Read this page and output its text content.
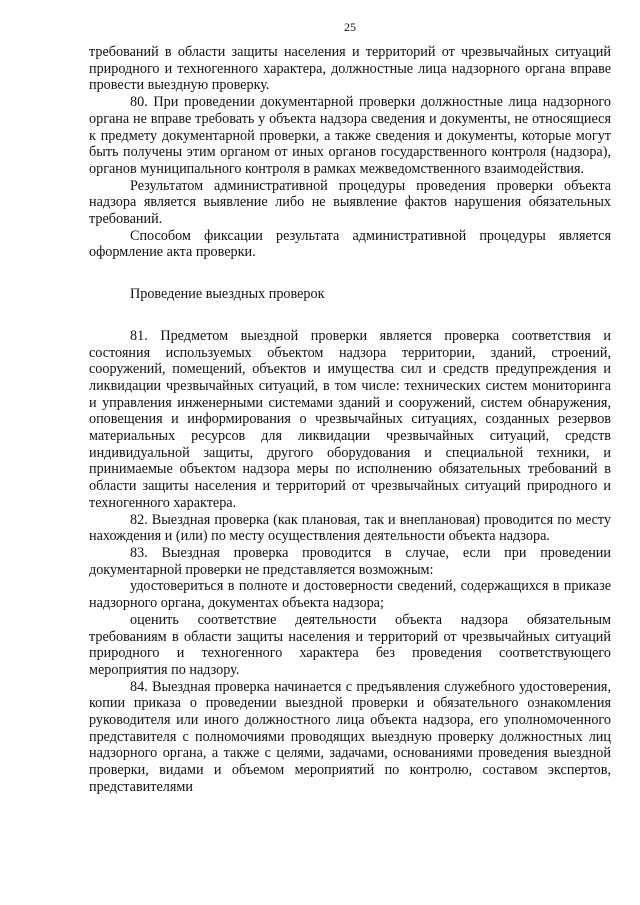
25

требований в области защиты населения и территорий от чрезвычайных ситуаций природного и техногенного характера, должностные лица надзорного органа вправе провести выездную проверку.

80. При проведении документарной проверки должностные лица надзорного органа не вправе требовать у объекта надзора сведения и документы, не относящиеся к предмету документарной проверки, а также сведения и документы, которые могут быть получены этим органом от иных органов государственного контроля (надзора), органов муниципального контроля в рамках межведомственного взаимодействия.

Результатом административной процедуры проведения проверки объекта надзора является выявление либо не выявление фактов нарушения обязательных требований.

Способом фиксации результата административной процедуры является оформление акта проверки.

Проведение выездных проверок

81. Предметом выездной проверки является проверка соответствия и состояния используемых объектом надзора территории, зданий, строений, сооружений, помещений, объектов и имущества сил и средств предупреждения и ликвидации чрезвычайных ситуаций, в том числе: технических систем мониторинга и управления инженерными системами зданий и сооружений, систем обнаружения, оповещения и информирования о чрезвычайных ситуациях, созданных резервов материальных ресурсов для ликвидации чрезвычайных ситуаций, средств индивидуальной защиты, другого оборудования и специальной техники, и принимаемые объектом надзора меры по исполнению обязательных требований в области защиты населения и территорий от чрезвычайных ситуаций природного и техногенного характера.

82. Выездная проверка (как плановая, так и внеплановая) проводится по месту нахождения и (или) по месту осуществления деятельности объекта надзора.

83. Выездная проверка проводится в случае, если при проведении документарной проверки не представляется возможным:

удостовериться в полноте и достоверности сведений, содержащихся в приказе надзорного органа, документах объекта надзора;

оценить соответствие деятельности объекта надзора обязательным требованиям в области защиты населения и территорий от чрезвычайных ситуаций природного и техногенного характера без проведения соответствующего мероприятия по надзору.

84. Выездная проверка начинается с предъявления служебного удостоверения, копии приказа о проведении выездной проверки и обязательного ознакомления руководителя или иного должностного лица объекта надзора, его уполномоченного представителя с полномочиями проводящих выездную проверку должностных лиц надзорного органа, а также с целями, задачами, основаниями проведения выездной проверки, видами и объемом мероприятий по контролю, составом экспертов, представителями
